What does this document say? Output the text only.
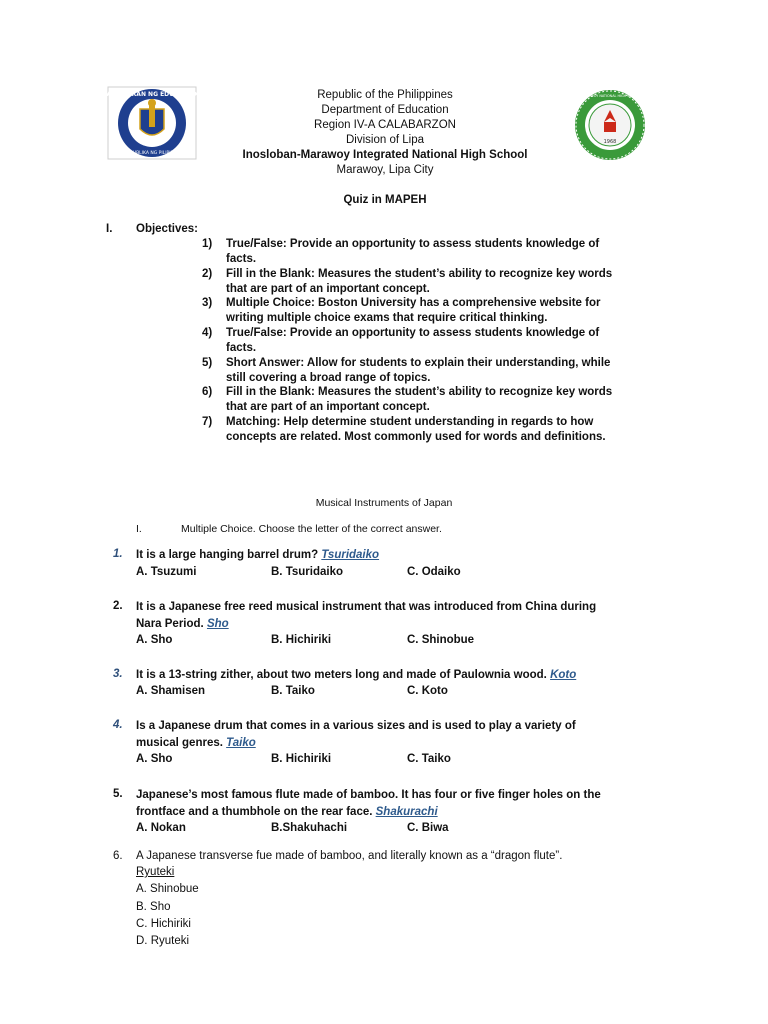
KAGAWARAN NG EDUKASYON
REPUBLIKA NG PILIPINAS
1968
INOSLOBAN-MARAWOY NATIONAL HIGH SCHOOL · LIPA CITY
Republic of the Philippines
Department of Education
Region IV-A CALABARZON
Division of Lipa
Inosloban-Marawoy Integrated National High School
Marawoy, Lipa City
Quiz in MAPEH
I. Objectives:
1) True/False: Provide an opportunity to assess students knowledge of
facts.
2) Fill in the Blank: Measures the student’s ability to recognize key words
that are part of an important concept.
3) Multiple Choice: Boston University has a comprehensive website for
writing multiple choice exams that require critical thinking.
4) True/False: Provide an opportunity to assess students knowledge of
facts.
5) Short Answer: Allow for students to explain their understanding, while
still covering a broad range of topics.
6) Fill in the Blank: Measures the student’s ability to recognize key words
that are part of an important concept.
7) Matching: Help determine student understanding in regards to how
concepts are related. Most commonly used for words and definitions.
Musical Instruments of Japan
I.	Multiple Choice. Choose the letter of the correct answer.
1. It is a large hanging barrel drum? Tsuridaiko
A. Tsuzumi	B. Tsuridaiko	C. Odaiko
2. It is a Japanese free reed musical instrument that was introduced from China during
Nara Period. Sho
A. Sho	B. Hichiriki	C. Shinobue
3. It is a 13-string zither, about two meters long and made of Paulownia wood. Koto
A. Shamisen	B. Taiko	C. Koto
4. Is a Japanese drum that comes in a various sizes and is used to play a variety of
musical genres. Taiko
A. Sho	B. Hichiriki	C. Taiko
5. Japanese’s most famous flute made of bamboo. It has four or five finger holes on the
frontface and a thumbhole on the rear face. Shakurachi
A. Nokan	B.Shakuhachi	C. Biwa
6. A Japanese transverse fue made of bamboo, and literally known as a “dragon flute”.
Ryuteki
A. Shinobue
B. Sho
C. Hichiriki
D. Ryuteki
